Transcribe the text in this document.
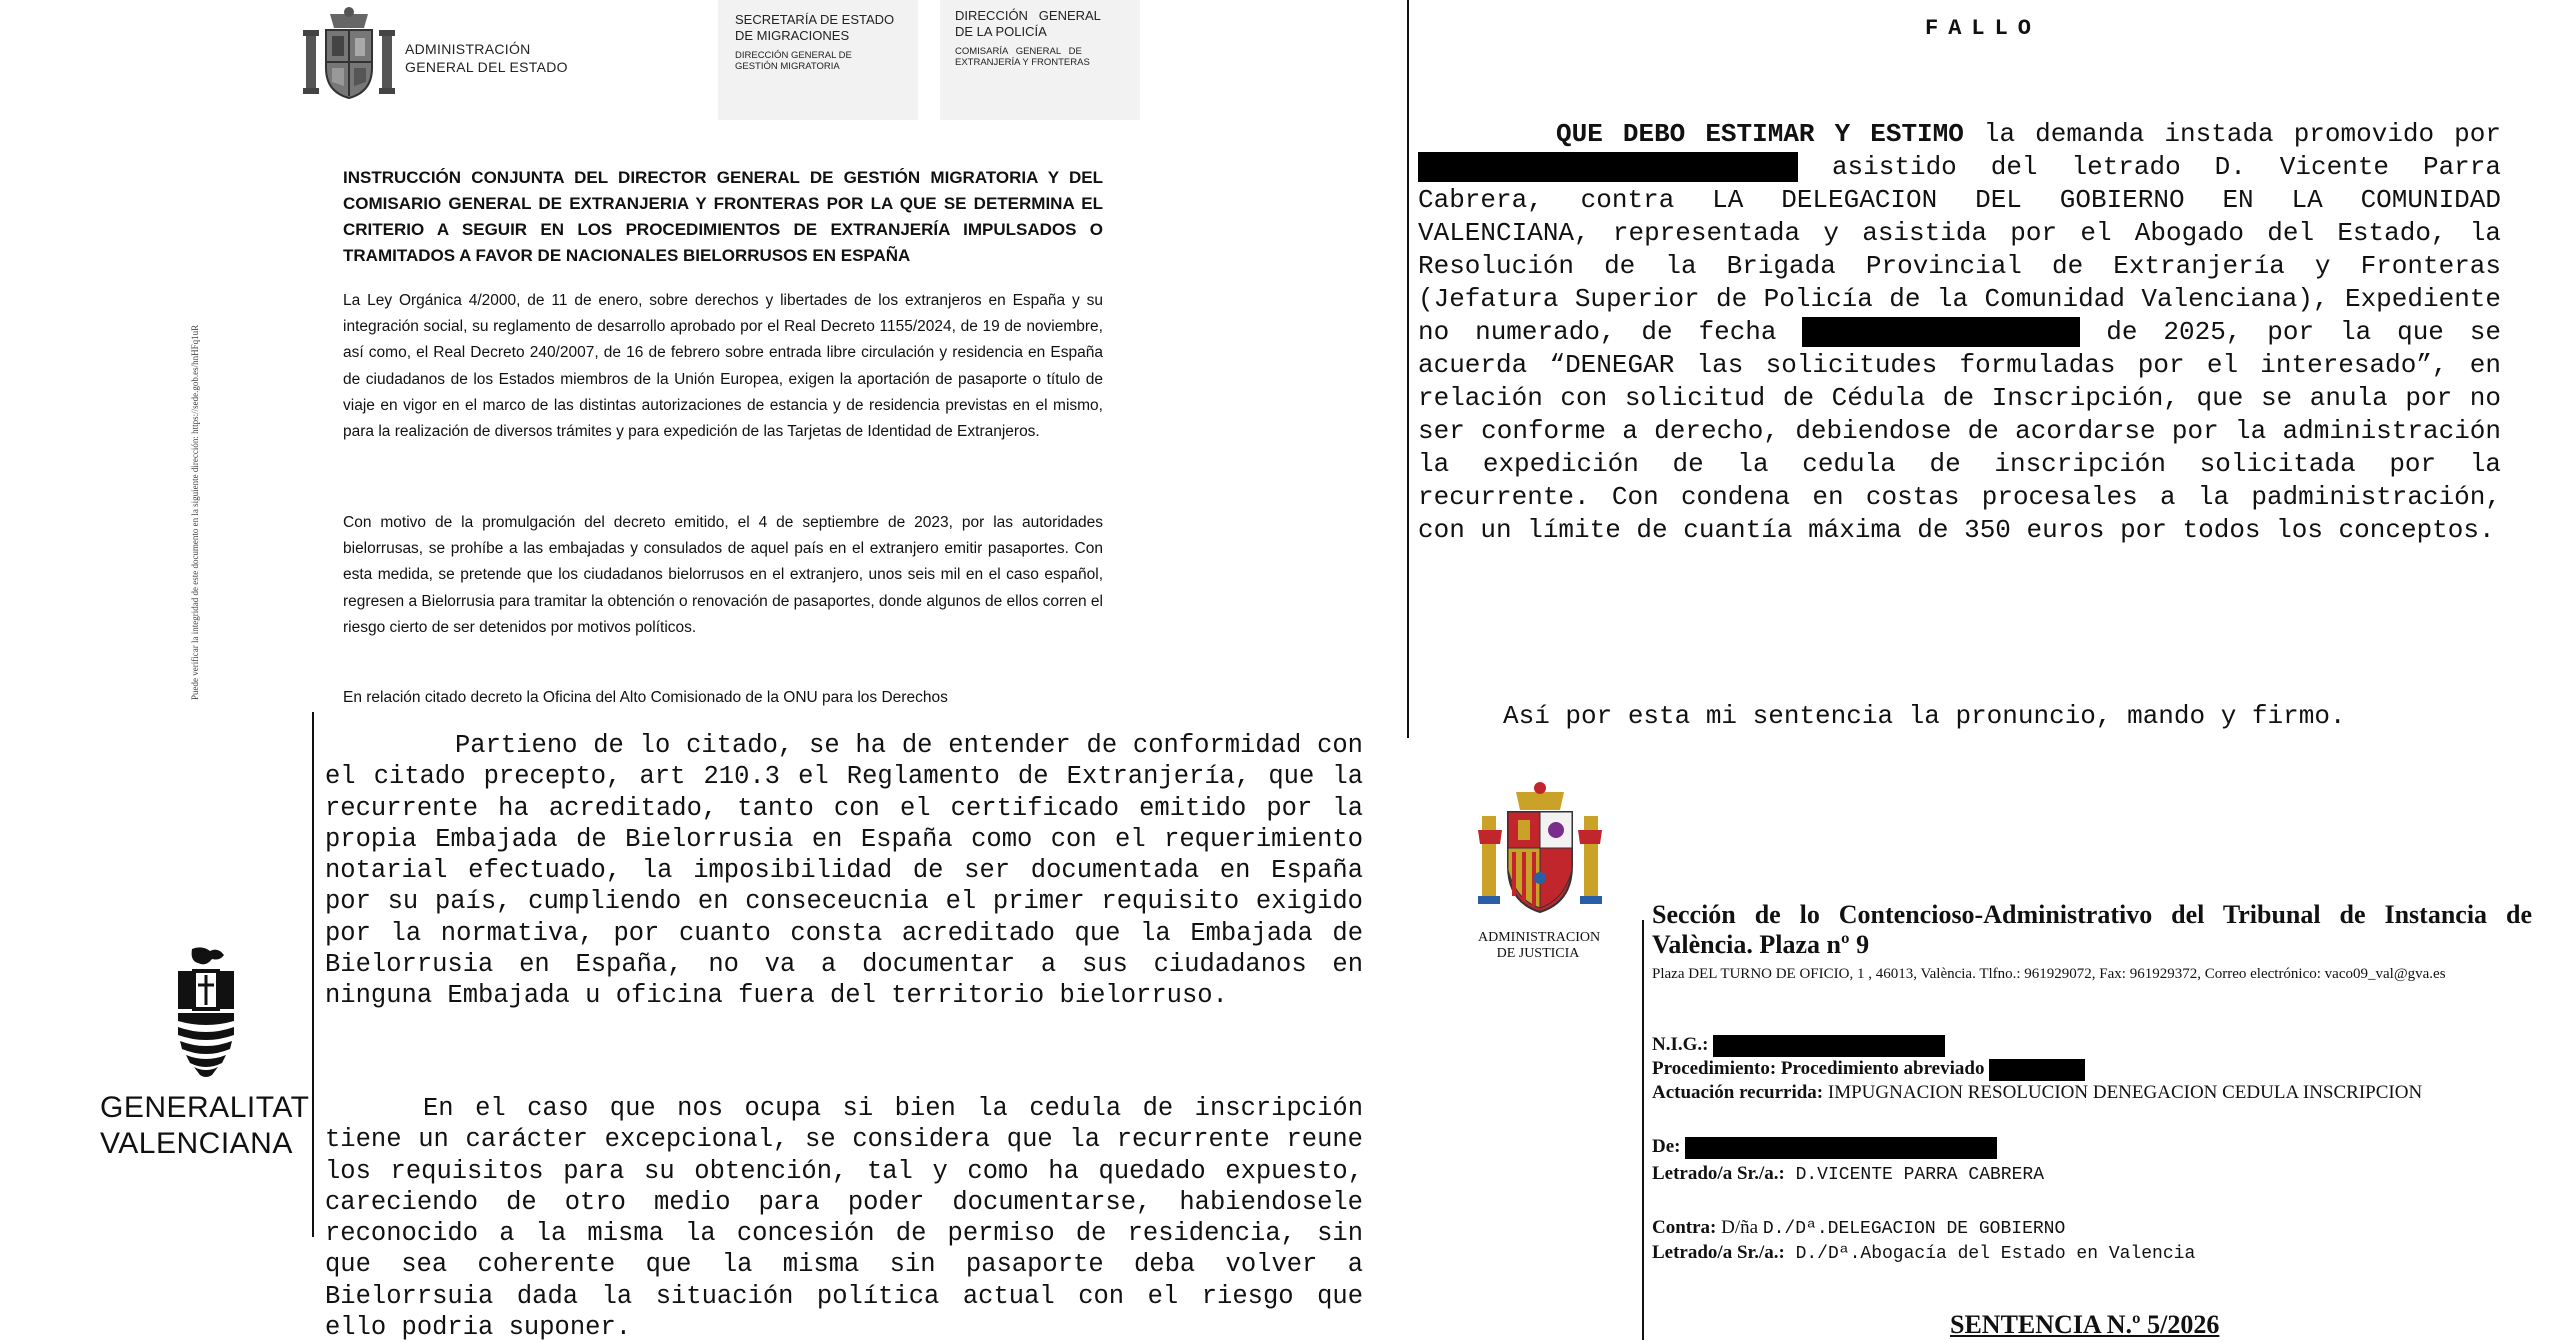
Puede verificar la integridad de este documento en la siguiente dirección: https://sede.gob.es/hnHFq1uR
ADMINISTRACIÓN
GENERAL DEL ESTADO
SECRETARÍA DE ESTADO
DE MIGRACIONES
DIRECCIÓN GENERAL DE
GESTIÓN MIGRATORIA
DIRECCIÓN   GENERAL
DE LA POLICÍA
COMISARÍA   GENERAL   DE
EXTRANJERÍA Y FRONTERAS
INSTRUCCIÓN CONJUNTA DEL DIRECTOR GENERAL DE GESTIÓN MIGRATORIA Y DEL COMISARIO GENERAL DE EXTRANJERIA Y FRONTERAS POR LA QUE SE DETERMINA EL CRITERIO A SEGUIR EN LOS PROCEDIMIENTOS DE EXTRANJERÍA IMPULSADOS O TRAMITADOS A FAVOR DE NACIONALES BIELORRUSOS EN ESPAÑA
La Ley Orgánica 4/2000, de 11 de enero, sobre derechos y libertades de los extranjeros en España y su integración social, su reglamento de desarrollo aprobado por el Real Decreto 1155/2024, de 19 de noviembre, así como, el Real Decreto 240/2007, de 16 de febrero sobre entrada libre circulación y residencia en España de ciudadanos de los Estados miembros de la Unión Europea, exigen la aportación de pasaporte o título de viaje en vigor en el marco de las distintas autorizaciones de estancia y de residencia previstas en el mismo, para la realización de diversos trámites y para expedición de las Tarjetas de Identidad de Extranjeros.
Con motivo de la promulgación del decreto emitido, el 4 de septiembre de 2023, por las autoridades bielorrusas, se prohíbe a las embajadas y consulados de aquel país en el extranjero emitir pasaportes. Con esta medida, se pretende que los ciudadanos bielorrusos en el extranjero, unos seis mil en el caso español, regresen a Bielorrusia para tramitar la obtención o renovación de pasaportes, donde algunos de ellos corren el riesgo cierto de ser detenidos por motivos políticos.
En relación citado decreto la Oficina del Alto Comisionado de la ONU para los Derechos
GENERALITAT
VALENCIANA
Partieno de lo citado, se ha de entender de conformidad con el citado precepto, art 210.3 el Reglamento de Extranjería, que la recurrente ha acreditado, tanto con el certificado emitido por la propia Embajada de Bielorrusia en España como con el requerimiento notarial efectuado, la imposibilidad de ser documentada en España por su país, cumpliendo en conseceucnia el primer requisito exigido por la normativa, por cuanto consta acreditado que la Embajada de Bielorrusia en España, no va a documentar a sus ciudadanos en ninguna Embajada u oficina fuera del territorio bielorruso.
En el caso que nos ocupa si bien la cedula de inscripción tiene un carácter excepcional, se considera que la recurrente reune los requisitos para su obtención, tal y como ha quedado expuesto, careciendo de otro medio para poder documentarse, habiendosele reconocido a la misma la concesión de permiso de residencia, sin que sea coherente que la misma sin pasaporte deba volver a Bielorrsuia dada la situación política actual con el riesgo que ello podria suponer.
FALLO
QUE DEBO ESTIMAR Y ESTIMO la demanda instada promovido por  asistido del letrado D. Vicente Parra Cabrera, contra LA DELEGACION DEL GOBIERNO EN LA COMUNIDAD VALENCIANA, representada y asistida por el Abogado del Estado, la Resolución de la Brigada Provincial de Extranjería y Fronteras (Jefatura Superior de Policía de la Comunidad Valenciana), Expediente no numerado, de fecha	de 2025, por la que se acuerda “DENEGAR las solicitudes formuladas por el interesado”, en relación con solicitud de Cédula de Inscripción, que se anula por no ser conforme a derecho, debiendose de acordarse por la administración la expedición de la cedula de inscripción solicitada por la recurrente. Con condena en costas procesales a la padministración, con un límite de cuantía máxima de 350 euros por todos los conceptos.
Así por esta mi sentencia la pronuncio, mando y firmo.
ADMINISTRACION
DE JUSTICIA
Sección de lo Contencioso-Administrativo del Tribunal de Instancia de València. Plaza nº 9
Plaza DEL TURNO DE OFICIO, 1 , 46013, València. Tlfno.: 961929072, Fax: 961929372, Correo electrónico: vaco09_val@gva.es
N.I.G.:
Procedimiento: Procedimiento abreviado
Actuación recurrida: IMPUGNACION RESOLUCION DENEGACION CEDULA INSCRIPCION
De:
Letrado/a Sr./a.: D.VICENTE PARRA CABRERA
Contra: D/ña D./Dª.DELEGACION DE GOBIERNO
Letrado/a Sr./a.: D./Dª.Abogacía del Estado en Valencia
SENTENCIA N.º 5/2026
